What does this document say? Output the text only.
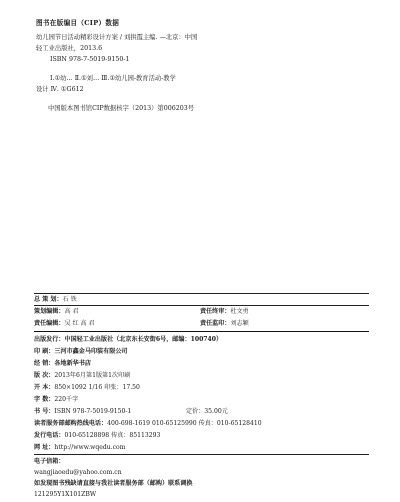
图书在版编目（CIP）数据
幼儿园节日活动精彩设计方案 / 刘拱霞主编. —北京：中国
轻工业出版社，2013.6
ISBN 978-7-5019-9150-1
Ⅰ.①幼… Ⅱ.①刘… Ⅲ.①幼儿园-教育活动-教学
设计 Ⅳ. ①G612
中国版本图书馆CIP数据核字（2013）第006203号
总 策 划：石 铁
策划编辑：高 君	责任终审：杜文勇
责任编辑：吴 红 高 君	责任监印：刘志颖
出版发行：中国轻工业出版社（北京东长安街6号，邮编：100740）
印 刷：三河市鑫金马印装有限公司
经 销：各地新华书店
版 次：2013年6月第1版第1次印刷
开 本：850×1092 1/16 印张：17.50
字 数：220千字
书 号：ISBN 978-7-5019-9150-1	定价：35.00元
读者服务部邮购热线电话：400-698-1619 010-65125990 传真：010-65128410
发行电话：010-65128898 传真：85113293
网 址：http://www.wqedu.com
电子信箱：
wangjiaoedu@yahoo.com.cn
如发现图书残缺请直接与我社读者服务部（邮购）联系调换
121295Y1X101ZBW
